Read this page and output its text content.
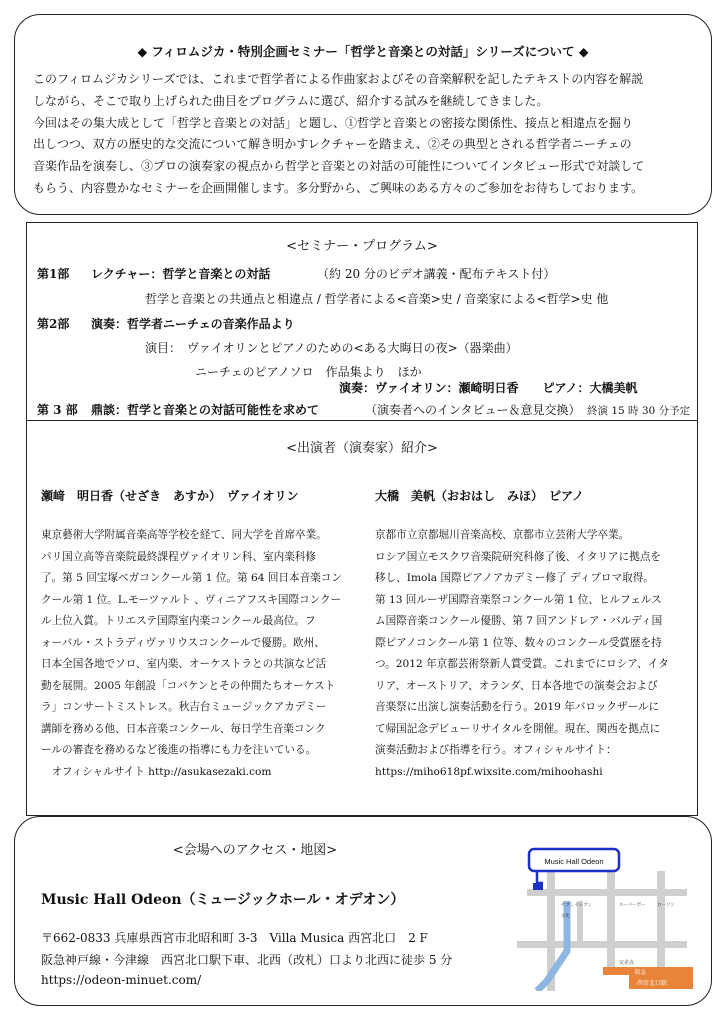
◆ フィロムジカ・特別企画セミナー「哲学と音楽との対話」シリーズについて ◆
このフィロムジカシリーズでは、これまで哲学者による作曲家およびその音楽解釈を記したテキストの内容を解説
しながら、そこで取り上げられた曲目をプログラムに選び、紹介する試みを継続してきました。
今回はその集大成として「哲学と音楽との対話」と題し、①哲学と音楽との密接な関係性、接点と相違点を掘り
出しつつ、双方の歴史的な交流について解き明かすレクチャーを踏まえ、②その典型とされる哲学者ニーチェの
音楽作品を演奏し、③プロの演奏家の視点から哲学と音楽との対話の可能性についてインタビュー形式で対談して
もらう、内容豊かなセミナーを企画開催します。多分野から、ご興味のある方々のご参加をお待ちしております。
<セミナー・プログラム>
第1部 レクチャー：哲学と音楽との対話	（約 20 分のビデオ講義・配布テキスト付）
哲学と音楽との共通点と相違点 / 哲学者による<音楽>史 / 音楽家による<哲学>史 他
第2部 演奏：哲学者ニーチェの音楽作品より
演目：　ヴァイオリンとピアノのための<ある大晦日の夜>（器楽曲）
ニーチェのピアノソロ　作品集より　ほか
演奏：ヴァイオリン：瀬崎明日香　　ピアノ：大橋美帆
第 3 部 鼎談：哲学と音楽との対話可能性を求めて	（演奏者へのインタビュー＆意見交換） 終演 15 時 30 分予定
<出演者（演奏家）紹介>
瀬﨑　明日香（せざき　あすか）　ヴァイオリン
東京藝術大学附属音楽高等学校を経て、同大学を首席卒業。
パリ国立高等音楽院最終課程ヴァイオリン科、室内楽科修
了。第 5 回宝塚ベガコンクール第 1 位。第 64 回日本音楽コン
クール第 1 位。L.モーツァルト 、ヴィニアフスキ国際コンクー
ル上位入賞。トリエステ国際室内楽コンクール最高位。フ
ォーバル・ストラディヴァリウスコンクールで優勝。欧州、
日本全国各地でソロ、室内楽、オーケストラとの共演など活
動を展開。2005 年創設「コバケンとその仲間たちオーケスト
ラ」コンサートミストレス。秋吉台ミュージックアカデミー
講師を務める他、日本音楽コンクール、毎日学生音楽コンク
ールの審査を務めるなど後進の指導にも力を注いている。
　オフィシャルサイト http://asukasezaki.com
大橋　美帆（おおはし　みほ）　ピアノ
京都市立京都堀川音楽高校、京都市立芸術大学卒業。
ロシア国立モスクワ音楽院研究科修了後、イタリアに拠点を
移し、Imola 国際ピアノアカデミー修了 ディプロマ取得。
第 13 回ルーザ国際音楽祭コンクール第 1 位、ヒルフェルス
ム国際音楽コンクール優勝、第 7 回アンドレア・バルディ国
際ピアノコンクール第 1 位等、数々のコンクール受賞歴を持
つ。2012 年京都芸術祭新人賞受賞。これまでにロシア、イタ
リア、オーストリア、オランダ、日本各地での演奏会および
音楽祭に出演し演奏活動を行う。2019 年バロックザールに
て帰国記念デビューリサイタルを開催。現在、関西を拠点に
演奏活動および指導を行う。オフィシャルサイト：
https://miho618pf.wixsite.com/mihoohashi
<会場へのアクセス・地図>
Music Hall Odeon（ミュージックホール・オデオン）
〒662-0833 兵庫県西宮市北昭和町 3-3　Villa Musica 西宮北口　2 F
阪急神戸線・今津線　西宮北口駅下車、北西（改札）口より北西に徒歩 5 分
https://odeon-minuet.com/
Music Hall Odeon
セブンイレブン	スーパーボー	ローソン
文化
交差点
阪急
西宮北口駅
